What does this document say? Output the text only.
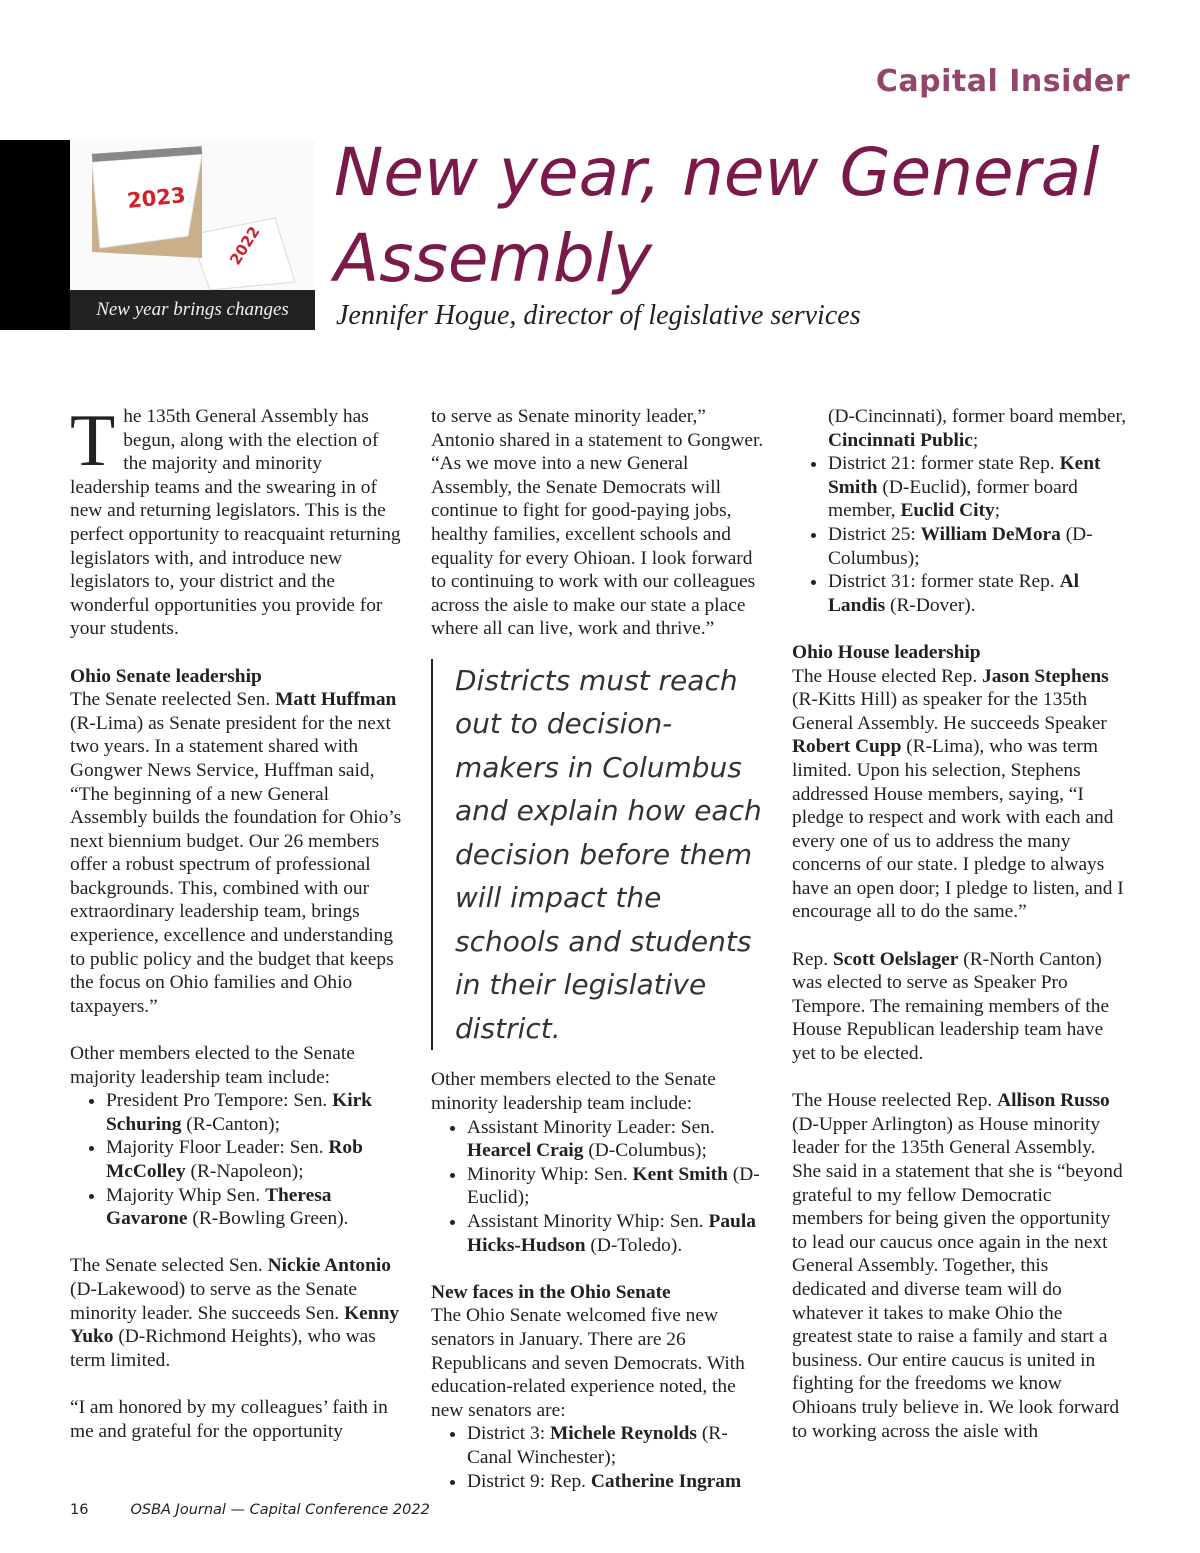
Capital Insider
2022
2023
New year brings changes
New year, new General
Assembly

Jennifer Hogue, director of legislative services

The 135th General Assembly has begun, along with the election of the majority and minority leadership teams and the swearing in of new and returning legislators. This is the perfect opportunity to reacquaint returning legislators with, and introduce new legislators to, your district and the wonderful opportunities you provide for your students.

Ohio Senate leadership

The Senate reelected Sen. Matt Huffman (R-Lima) as Senate president for the next two years. In a statement shared with Gongwer News Service, Huffman said, “The beginning of a new General Assembly builds the foundation for Ohio’s next biennium budget. Our 26 members offer a robust spectrum of professional backgrounds. This, combined with our extraordinary leadership team, brings experience, excellence and understanding to public policy and the budget that keeps the focus on Ohio families and Ohio taxpayers.”

Other members elected to the Senate majority leadership team include:

• President Pro Tempore: Sen. Kirk Schuring (R-Canton);
• Majority Floor Leader: Sen. Rob McColley (R-Napoleon);
• Majority Whip Sen. Theresa Gavarone (R-Bowling Green).

The Senate selected Sen. Nickie Antonio (D-Lakewood) to serve as the Senate minority leader. She succeeds Sen. Kenny Yuko (D-Richmond Heights), who was term limited.

“I am honored by my colleagues’ faith in me and grateful for the opportunity

to serve as Senate minority leader,” Antonio shared in a statement to Gongwer. “As we move into a new General Assembly, the Senate Democrats will continue to fight for good-paying jobs, healthy families, excellent schools and equality for every Ohioan. I look forward to continuing to work with our colleagues across the aisle to make our state a place where all can live, work and thrive.”

Districts must reach out to decision-makers in Columbus and explain how each decision before them will impact the schools and students in their legislative district.

Other members elected to the Senate minority leadership team include:

• Assistant Minority Leader: Sen. Hearcel Craig (D-Columbus);
• Minority Whip: Sen. Kent Smith (D-Euclid);
• Assistant Minority Whip: Sen. Paula Hicks-Hudson (D-Toledo).
New faces in the Ohio Senate

The Ohio Senate welcomed five new senators in January. There are 26 Republicans and seven Democrats. With education-related experience noted, the new senators are:

• District 3: Michele Reynolds (R-Canal Winchester);
• District 9: Rep. Catherine Ingram
(D-Cincinnati), former board member, Cincinnati Public;
• District 21: former state Rep. Kent Smith (D-Euclid), former board member, Euclid City;
• District 25: William DeMora (D-Columbus);
• District 31: former state Rep. Al Landis (R-Dover).
Ohio House leadership

The House elected Rep. Jason Stephens (R-Kitts Hill) as speaker for the 135th General Assembly. He succeeds Speaker Robert Cupp (R-Lima), who was term limited. Upon his selection, Stephens addressed House members, saying, “I pledge to respect and work with each and every one of us to address the many concerns of our state. I pledge to always have an open door; I pledge to listen, and I encourage all to do the same.”

Rep. Scott Oelslager (R-North Canton) was elected to serve as Speaker Pro Tempore. The remaining members of the House Republican leadership team have yet to be elected.

The House reelected Rep. Allison Russo (D-Upper Arlington) as House minority leader for the 135th General Assembly. She said in a statement that she is “beyond grateful to my fellow Democratic members for being given the opportunity to lead our caucus once again in the next General Assembly. Together, this dedicated and diverse team will do whatever it takes to make Ohio the greatest state to raise a family and start a business. Our entire caucus is united in fighting for the freedoms we know Ohioans truly believe in. We look forward to working across the aisle with

16	OSBA Journal — Capital Conference 2022
